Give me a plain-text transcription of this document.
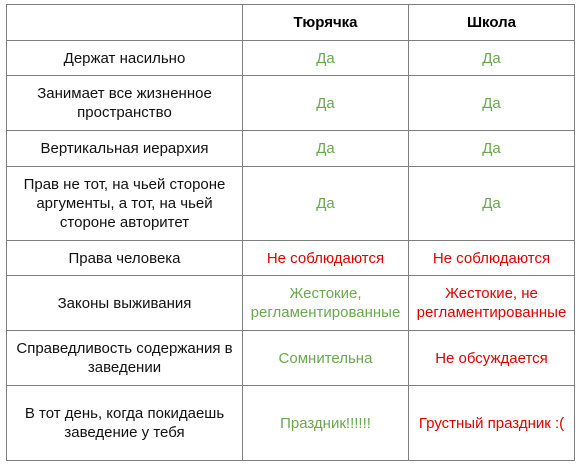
	Тюрячка	Школа
Держат насильно	Да	Да
Занимает все жизненное пространство	Да	Да
Вертикальная иерархия	Да	Да
Прав не тот, на чьей стороне аргументы, а тот, на чьей стороне авторитет	Да	Да
Права человека	Не соблюдаются	Не соблюдаются
Законы выживания	Жестокие, регламентированные	Жестокие, не регламентированные
Справедливость содержания в заведении	Сомнительна	Не обсуждается
В тот день, когда покидаешь заведение у тебя	Праздник!!!!!!	Грустный праздник :(
